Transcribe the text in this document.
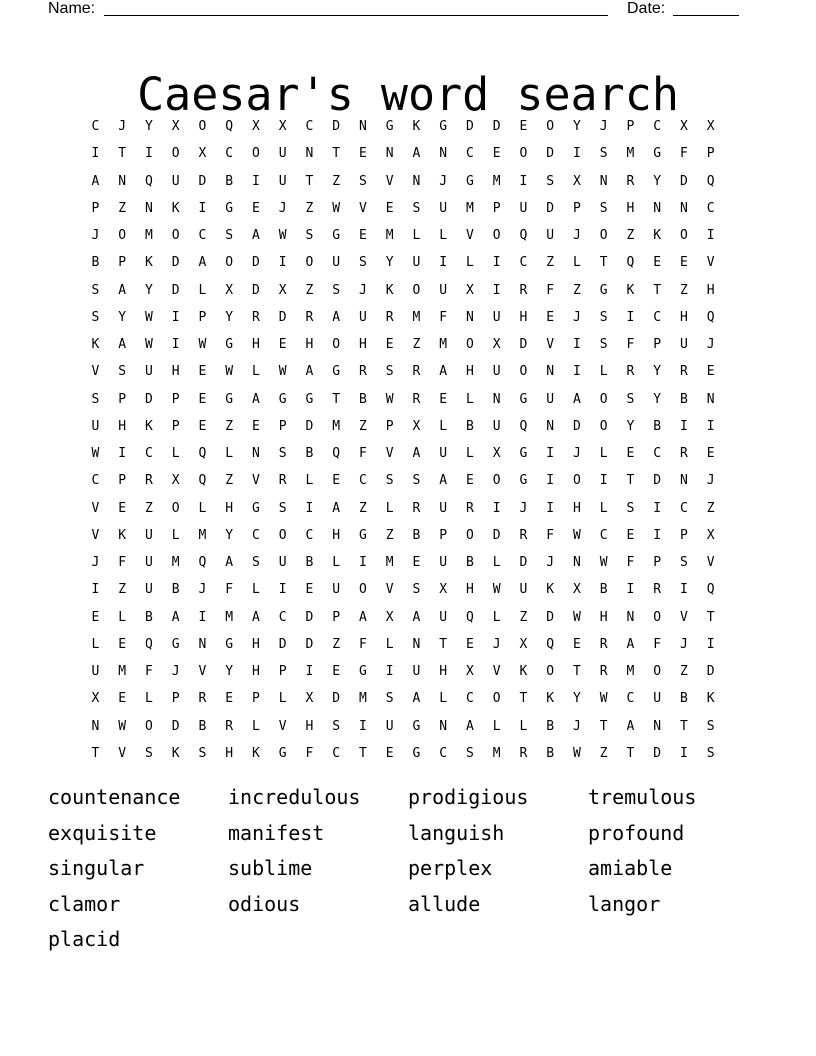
Name:	Date:
Caesar's word search
C	J	Y	X	O	Q	X	X	C	D	N	G	K	G	D	D	E	O	Y	J	P	C	X	X
I	T	I	O	X	C	O	U	N	T	E	N	A	N	C	E	O	D	I	S	M	G	F	P
A	N	Q	U	D	B	I	U	T	Z	S	V	N	J	G	M	I	S	X	N	R	Y	D	Q
P	Z	N	K	I	G	E	J	Z	W	V	E	S	U	M	P	U	D	P	S	H	N	N	C
J	O	M	O	C	S	A	W	S	G	E	M	L	L	V	O	Q	U	J	O	Z	K	O	I
B	P	K	D	A	O	D	I	O	U	S	Y	U	I	L	I	C	Z	L	T	Q	E	E	V
S	A	Y	D	L	X	D	X	Z	S	J	K	O	U	X	I	R	F	Z	G	K	T	Z	H
S	Y	W	I	P	Y	R	D	R	A	U	R	M	F	N	U	H	E	J	S	I	C	H	Q
K	A	W	I	W	G	H	E	H	O	H	E	Z	M	O	X	D	V	I	S	F	P	U	J
V	S	U	H	E	W	L	W	A	G	R	S	R	A	H	U	O	N	I	L	R	Y	R	E
S	P	D	P	E	G	A	G	G	T	B	W	R	E	L	N	G	U	A	O	S	Y	B	N
U	H	K	P	E	Z	E	P	D	M	Z	P	X	L	B	U	Q	N	D	O	Y	B	I	I
W	I	C	L	Q	L	N	S	B	Q	F	V	A	U	L	X	G	I	J	L	E	C	R	E
C	P	R	X	Q	Z	V	R	L	E	C	S	S	A	E	O	G	I	O	I	T	D	N	J
V	E	Z	O	L	H	G	S	I	A	Z	L	R	U	R	I	J	I	H	L	S	I	C	Z
V	K	U	L	M	Y	C	O	C	H	G	Z	B	P	O	D	R	F	W	C	E	I	P	X
J	F	U	M	Q	A	S	U	B	L	I	M	E	U	B	L	D	J	N	W	F	P	S	V
I	Z	U	B	J	F	L	I	E	U	O	V	S	X	H	W	U	K	X	B	I	R	I	Q
E	L	B	A	I	M	A	C	D	P	A	X	A	U	Q	L	Z	D	W	H	N	O	V	T
L	E	Q	G	N	G	H	D	D	Z	F	L	N	T	E	J	X	Q	E	R	A	F	J	I
U	M	F	J	V	Y	H	P	I	E	G	I	U	H	X	V	K	O	T	R	M	O	Z	D
X	E	L	P	R	E	P	L	X	D	M	S	A	L	C	O	T	K	Y	W	C	U	B	K
N	W	O	D	B	R	L	V	H	S	I	U	G	N	A	L	L	B	J	T	A	N	T	S
T	V	S	K	S	H	K	G	F	C	T	E	G	C	S	M	R	B	W	Z	T	D	I	S
countenance	incredulous	prodigious	tremulous
exquisite	manifest	languish	profound
singular	sublime	perplex	amiable
clamor	odious	allude	langor
placid
